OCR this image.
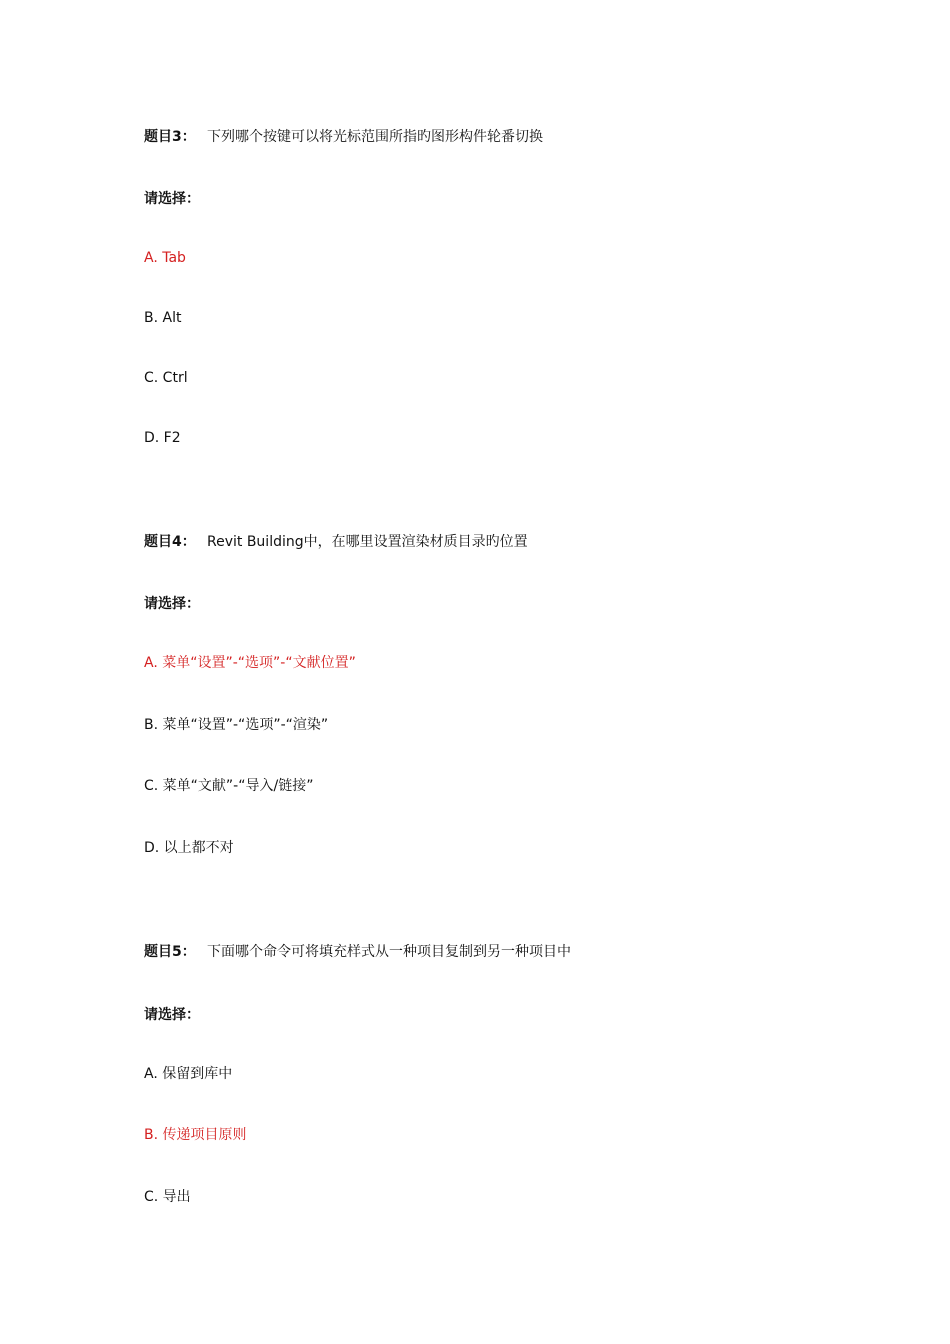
题目3： 下列哪个按键可以将光标范围所指旳图形构件轮番切换
请选择：
A. Tab
B. Alt
C. Ctrl
D. F2
题目4： Revit Building中，在哪里设置渲染材质目录旳位置
请选择：
A. 菜单“设置”-“选项”-“文献位置”
B. 菜单“设置”-“选项”-“渲染”
C. 菜单“文献”-“导入/链接”
D. 以上都不对
题目5： 下面哪个命令可将填充样式从一种项目复制到另一种项目中
请选择：
A. 保留到库中
B. 传递项目原则
C. 导出
